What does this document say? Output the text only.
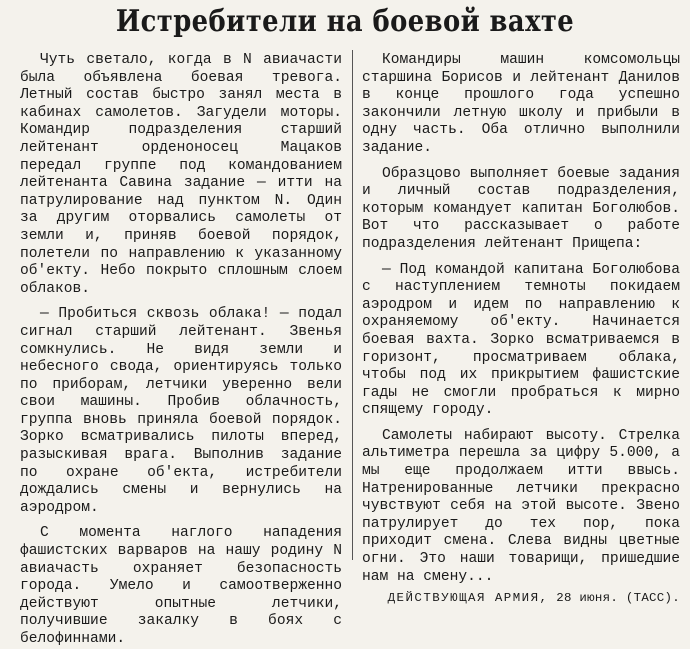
Истребители на боевой вахте

Чуть светало, когда в N авиачасти была объявлена боевая тревога. Летный состав быстро занял места в кабинах самолетов. Загудели моторы. Командир подразделения старший лейтенант орденоносец Мацаков передал группе под командованием лейтенанта Савина задание — итти на патрулирование над пунктом N. Один за другим оторвались самолеты от земли и, приняв боевой порядок, полетели по направлению к указанному об'екту. Небо покрыто сплошным слоем облаков.

— Пробиться сквозь облака! — подал сигнал старший лейтенант. Звенья сомкнулись. Не видя земли и небесного свода, ориентируясь только по приборам, летчики уверенно вели свои машины. Пробив облачность, группа вновь приняла боевой порядок. Зорко всматривались пилоты вперед, разыскивая врага. Выполнив задание по охране об'екта, истребители дождались смены и вернулись на аэродром.

С момента наглого нападения фашистских варваров на нашу родину N авиачасть охраняет безопасность города. Умело и самоотверженно действуют опытные летчики, получившие закалку в боях с белофиннами.

Командиры машин комсомольцы старшина Борисов и лейтенант Данилов в конце прошлого года успешно закончили летную школу и прибыли в одну часть. Оба отлично выполнили задание.

Образцово выполняет боевые задания и личный состав подразделения, которым командует капитан Боголюбов. Вот что рассказывает о работе подразделения лейтенант Прищепа:

— Под командой капитана Боголюбова с наступлением темноты покидаем аэродром и идем по направлению к охраняемому об'екту. Начинается боевая вахта. Зорко всматриваемся в горизонт, просматриваем облака, чтобы под их прикрытием фашистские гады не смогли пробраться к мирно спящему городу.

Самолеты набирают высоту. Стрелка альтиметра перешла за цифру 5.000, а мы еще продолжаем итти ввысь. Натренированные летчики прекрасно чувствуют себя на этой высоте. Звено патрулирует до тех пор, пока приходит смена. Слева видны цветные огни. Это наши товарищи, пришедшие нам на смену...

ДЕЙСТВУЮЩАЯ АРМИЯ, 28 июня. (ТАСС).
